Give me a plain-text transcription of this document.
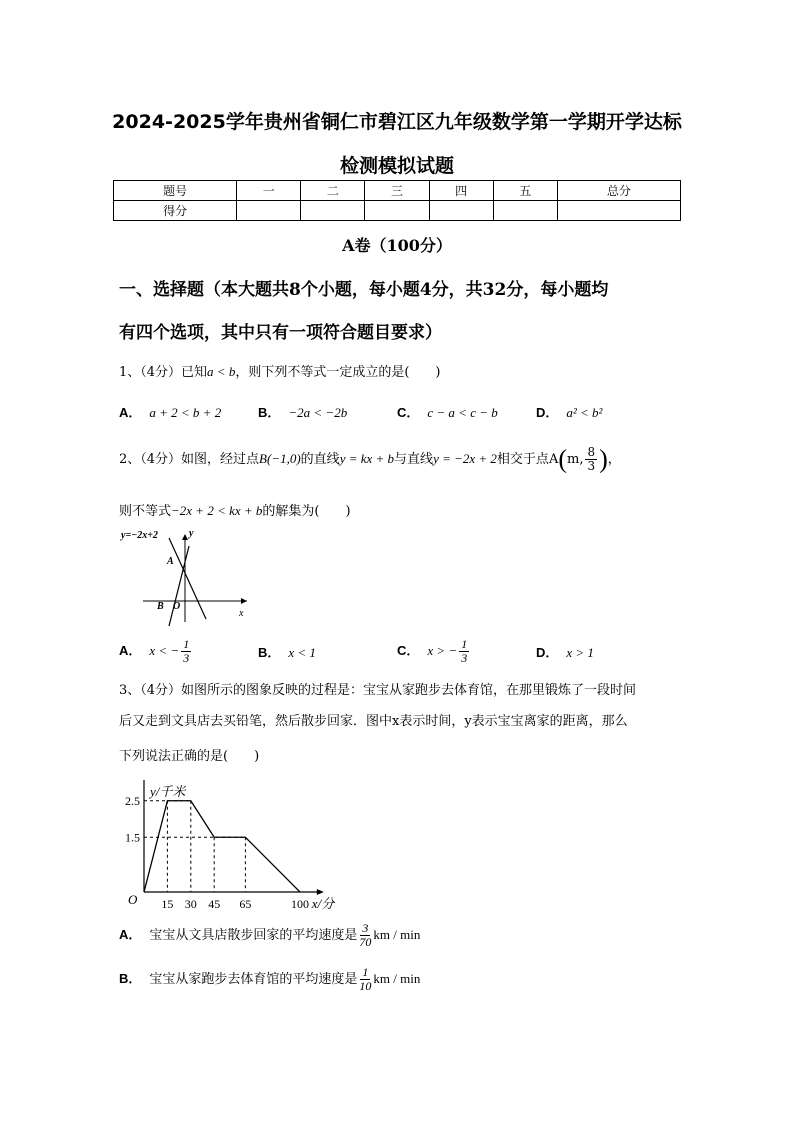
2024-2025学年贵州省铜仁市碧江区九年级数学第一学期开学达标
检测模拟试题
题号	一	二	三	四	五	总分
得分						
A卷（100分）
一、选择题（本大题共8个小题，每小题4分，共32分，每小题均
有四个选项，其中只有一项符合题目要求）
1、（4分）已知a < b，则下列不等式一定成立的是(　　)
A． a + 2 < b + 2	B． −2a < −2b	C． c − a < c − b	D． a² < b²
2、（4分）如图，经过点B(−1,0)的直线y = kx + b与直线y = −2x + 2相交于点A(m, $\frac{8}{3}$ )，
则不等式−2x + 2 < kx + b的解集为(　　)
y=−2x+2	y
x
A
B O
A． x < − $\frac{1}{3}$	B． x < 1	C． x > − $\frac{1}{3}$	D． x > 1
3、（4分）如图所示的图象反映的过程是：宝宝从家跑步去体育馆，在那里锻炼了一段时间
后又走到文具店去买铅笔，然后散步回家．图中x表示时间，y表示宝宝离家的距离，那么
下列说法正确的是(　　)
15 30 45 65	100
1.5
2.5
x/分
y/千米
O
A． 宝宝从文具店散步回家的平均速度是 $\frac{3}{70}$ km / min
B． 宝宝从家跑步去体育馆的平均速度是 $\frac{1}{10}$ km / min
